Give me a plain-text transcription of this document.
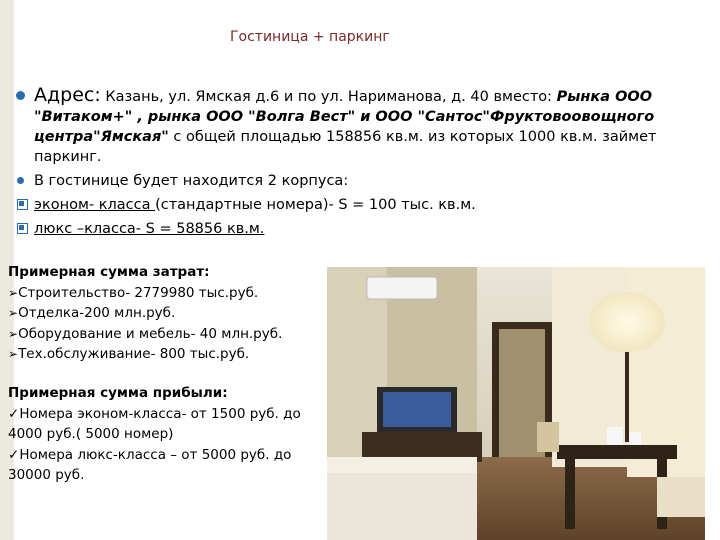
Гостиница + паркинг
Адрес: Казань, ул. Ямская д.6 и по ул. Нариманова, д. 40 вместо: Рынка ООО "Витаком+" , рынка ООО "Волга Вест" и ООО "Сантос"Фруктовоовощного центра"Ямская" с общей площадью 158856 кв.м. из которых 1000 кв.м. займет паркинг.
В гостинице будет находится 2 корпуса:
эконом- класса (стандартные номера)- S = 100 тыс. кв.м.
люкс –класса- S = 58856 кв.м.
Примерная сумма затрат:
➢Строительство- 2779980 тыс.руб.
➢Отделка-200 млн.руб.
➢Оборудование и мебель- 40 млн.руб.
➢Тех.обслуживание- 800 тыс.руб.
Примерная сумма прибыли:
✓Номера эконом-класса- от 1500 руб. до 4000 руб.( 5000 номер)
✓Номера люкс-класса – от 5000 руб. до 30000 руб.
